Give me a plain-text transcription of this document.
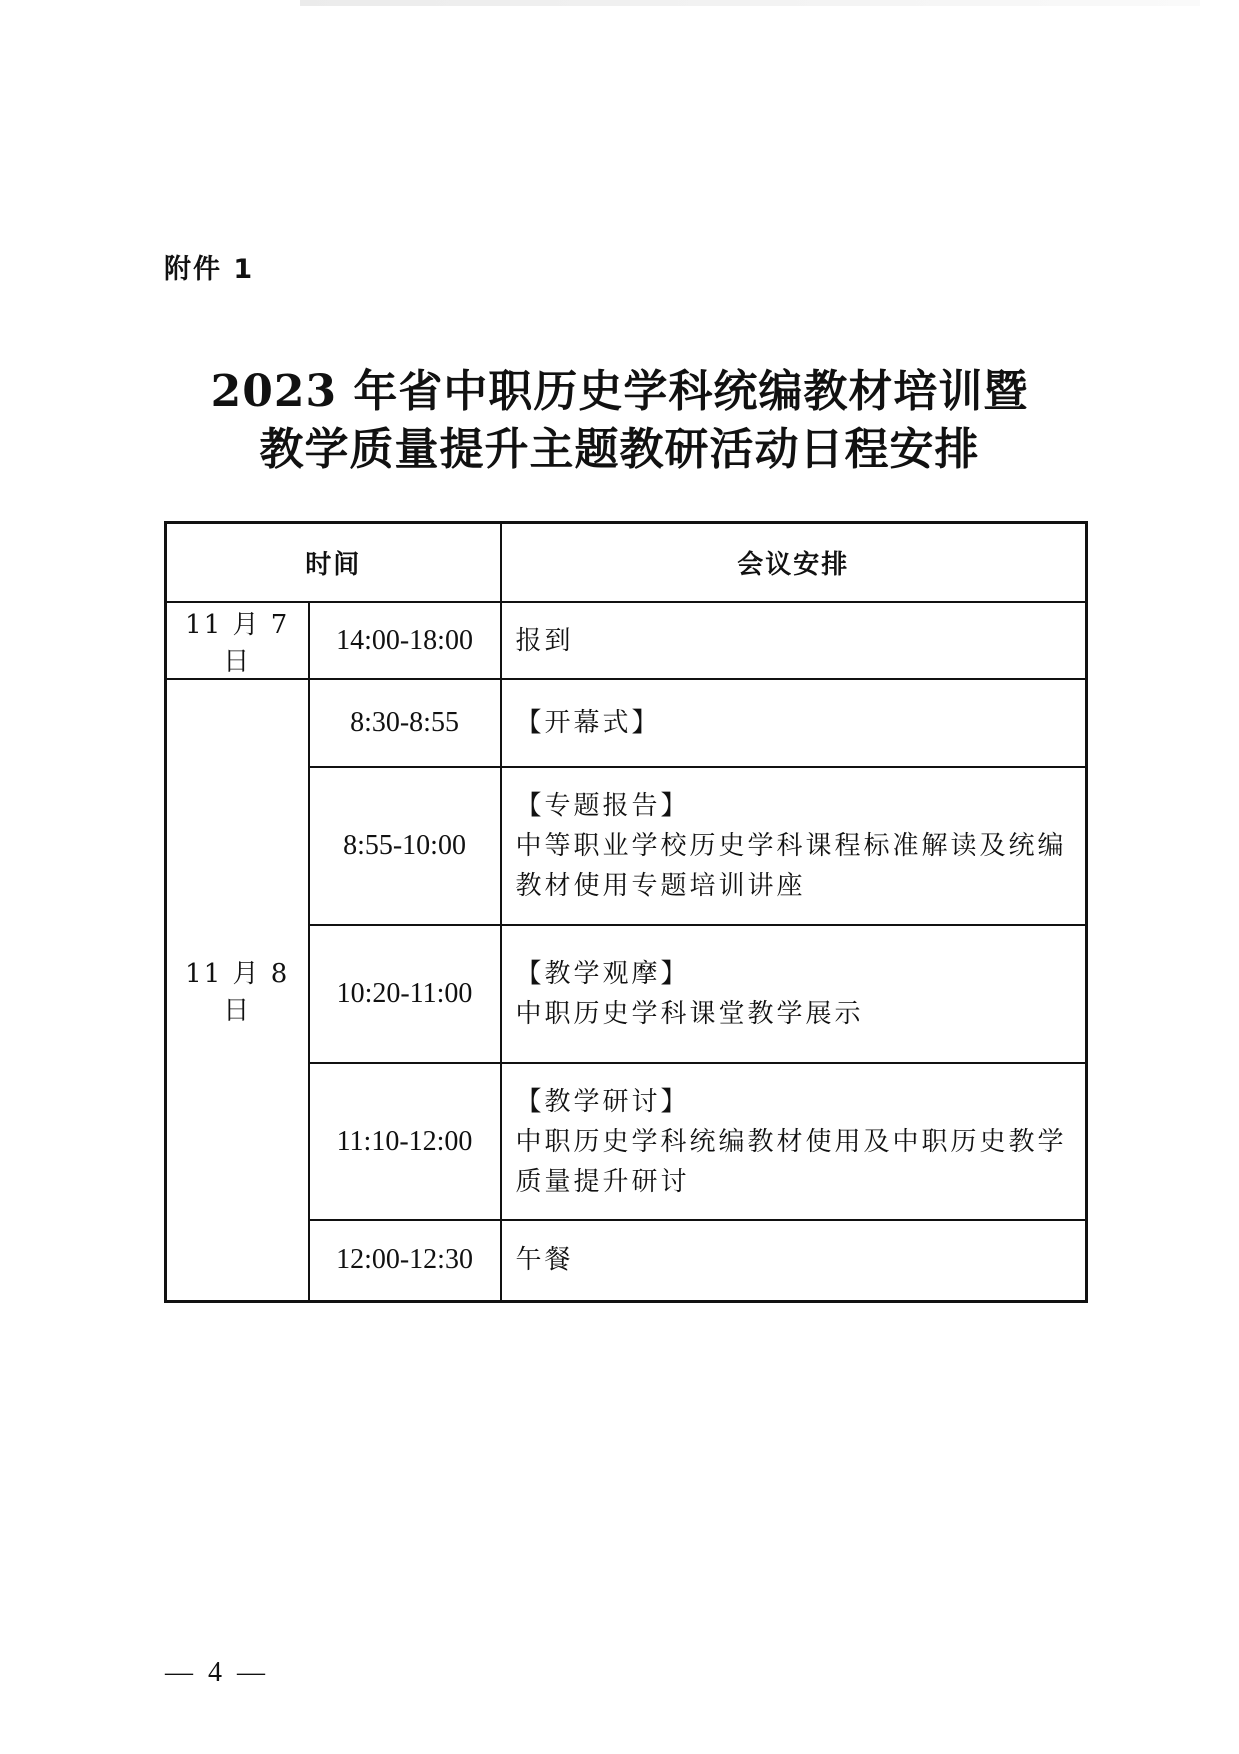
附件 1
2023 年省中职历史学科统编教材培训暨
教学质量提升主题教研活动日程安排
时间		会议安排
11 月 7 日	14:00-18:00	报到

11 月 8 日	8:30-8:55	【开幕式】

	8:55-10:00	【专题报告】
中等职业学校历史学科课程标准解读及统编教材使用专题培训讲座

	10:20-11:00	【教学观摩】
中职历史学科课堂教学展示

	11:10-12:00	【教学研讨】
中职历史学科统编教材使用及中职历史教学质量提升研讨

	12:00-12:30	午餐
— 4 —
